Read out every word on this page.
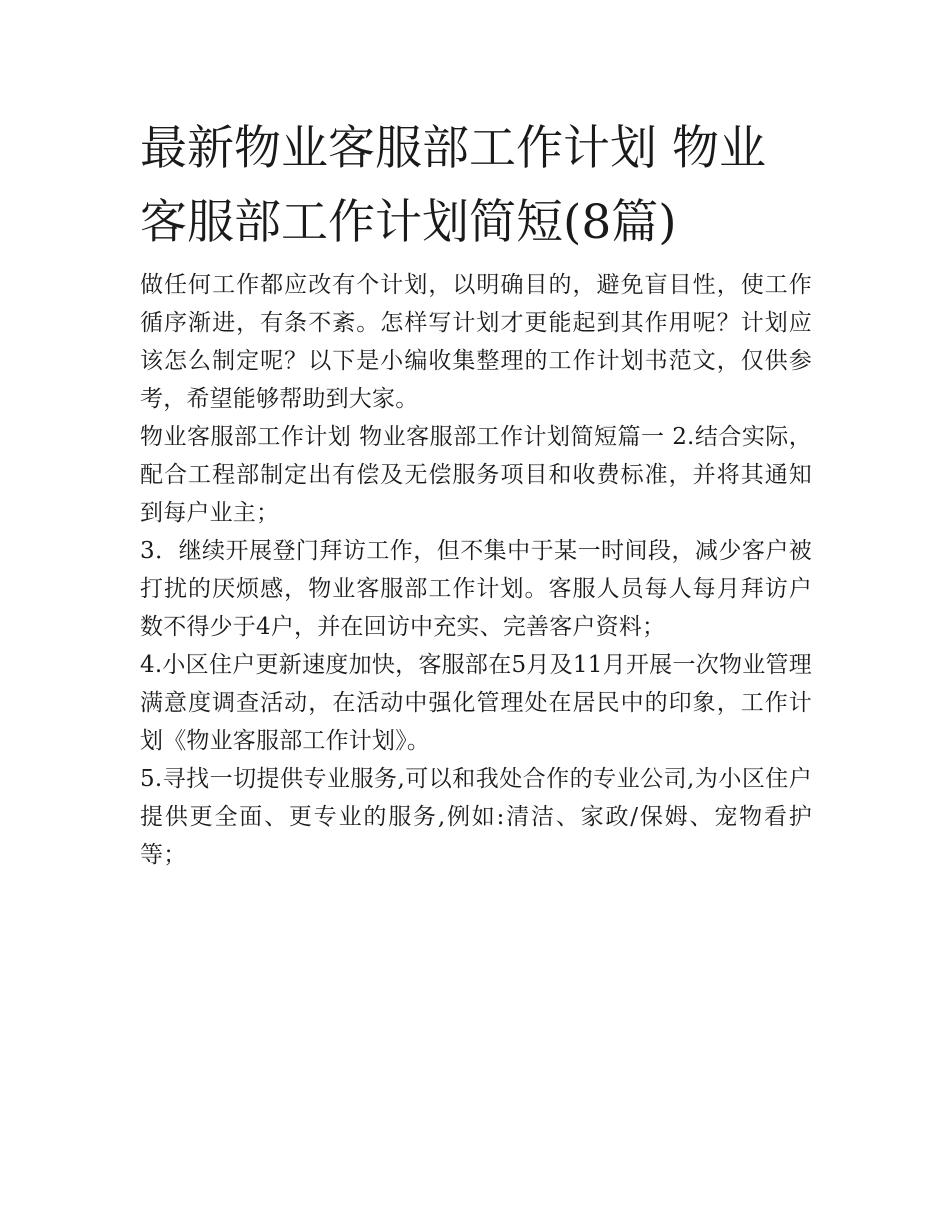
最新物业客服部工作计划 物业客服部工作计划简短(8篇)

做任何工作都应改有个计划，以明确目的，避免盲目性，使工作循序渐进，有条不紊。怎样写计划才更能起到其作用呢？计划应该怎么制定呢？以下是小编收集整理的工作计划书范文，仅供参考，希望能够帮助到大家。

物业客服部工作计划 物业客服部工作计划简短篇一 2.结合实际，配合工程部制定出有偿及无偿服务项目和收费标准，并将其通知到每户业主；

3．继续开展登门拜访工作，但不集中于某一时间段，减少客户被打扰的厌烦感，物业客服部工作计划。客服人员每人每月拜访户数不得少于4户，并在回访中充实、完善客户资料；

4.小区住户更新速度加快，客服部在5月及11月开展一次物业管理满意度调查活动，在活动中强化管理处在居民中的印象，工作计划《物业客服部工作计划》。

5.寻找一切提供专业服务,可以和我处合作的专业公司,为小区住户提供更全面、更专业的服务,例如:清洁、家政/保姆、宠物看护等；
